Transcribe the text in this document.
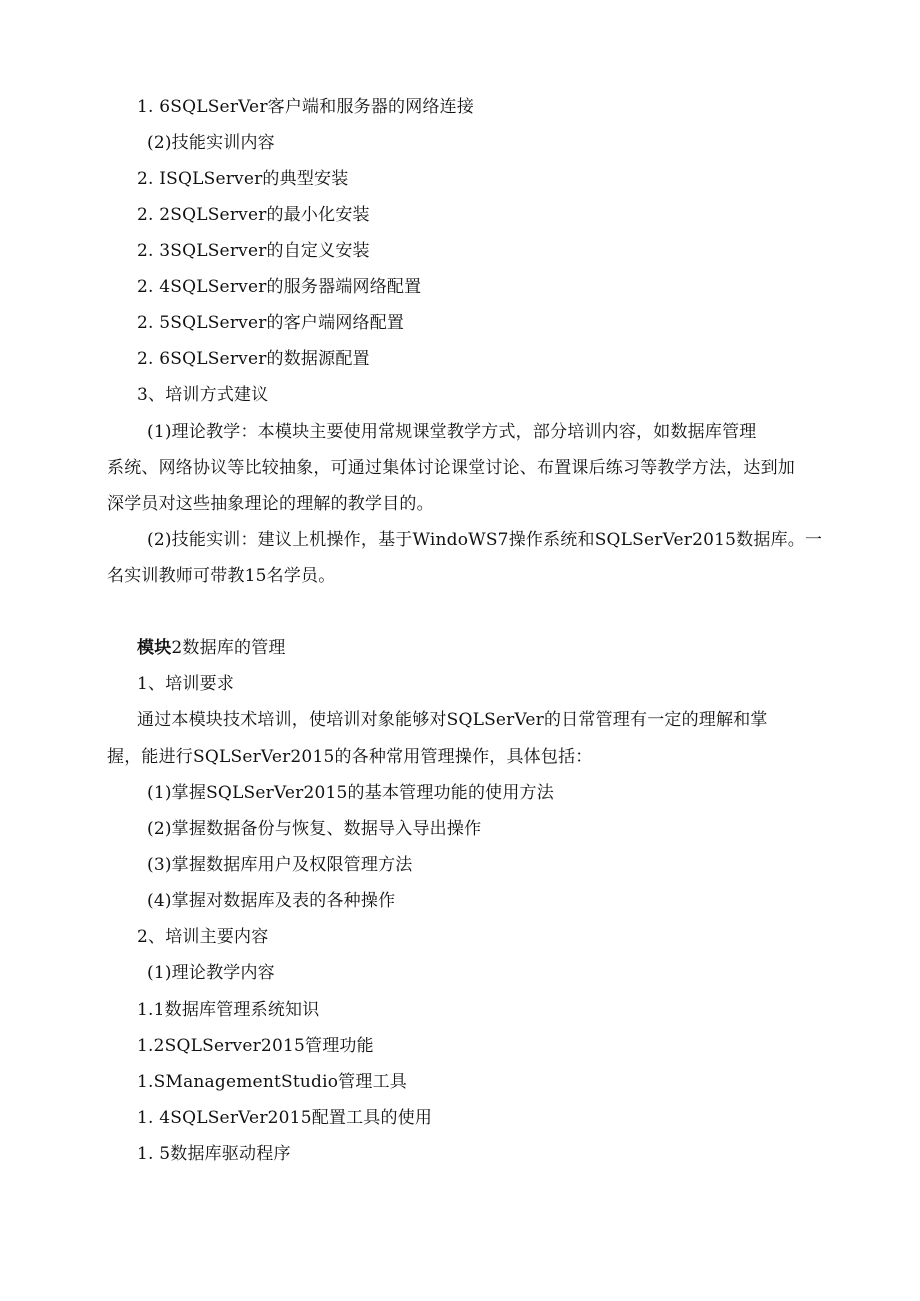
1. 6SQLSerVer客户端和服务器的网络连接
(2)技能实训内容
2. ISQLServer的典型安装
2. 2SQLServer的最小化安装
2. 3SQLServer的自定义安装
2. 4SQLServer的服务器端网络配置
2. 5SQLServer的客户端网络配置
2. 6SQLServer的数据源配置
3、培训方式建议
(1)理论教学：本模块主要使用常规课堂教学方式，部分培训内容，如数据库管理
系统、网络协议等比较抽象，可通过集体讨论课堂讨论、布置课后练习等教学方法，达到加
深学员对这些抽象理论的理解的教学目的。
(2)技能实训：建议上机操作，基于WindoWS7操作系统和SQLSerVer2015数据库。一
名实训教师可带教15名学员。
模块2数据库的管理
1、培训要求
通过本模块技术培训，使培训对象能够对SQLSerVer的日常管理有一定的理解和掌
握，能进行SQLSerVer2015的各种常用管理操作，具体包括：
(1)掌握SQLSerVer2015的基本管理功能的使用方法
(2)掌握数据备份与恢复、数据导入导出操作
(3)掌握数据库用户及权限管理方法
(4)掌握对数据库及表的各种操作
2、培训主要内容
(1)理论教学内容
1.1数据库管理系统知识
1.2SQLServer2015管理功能
1.SManagementStudio管理工具
1. 4SQLSerVer2015配置工具的使用
1. 5数据库驱动程序
